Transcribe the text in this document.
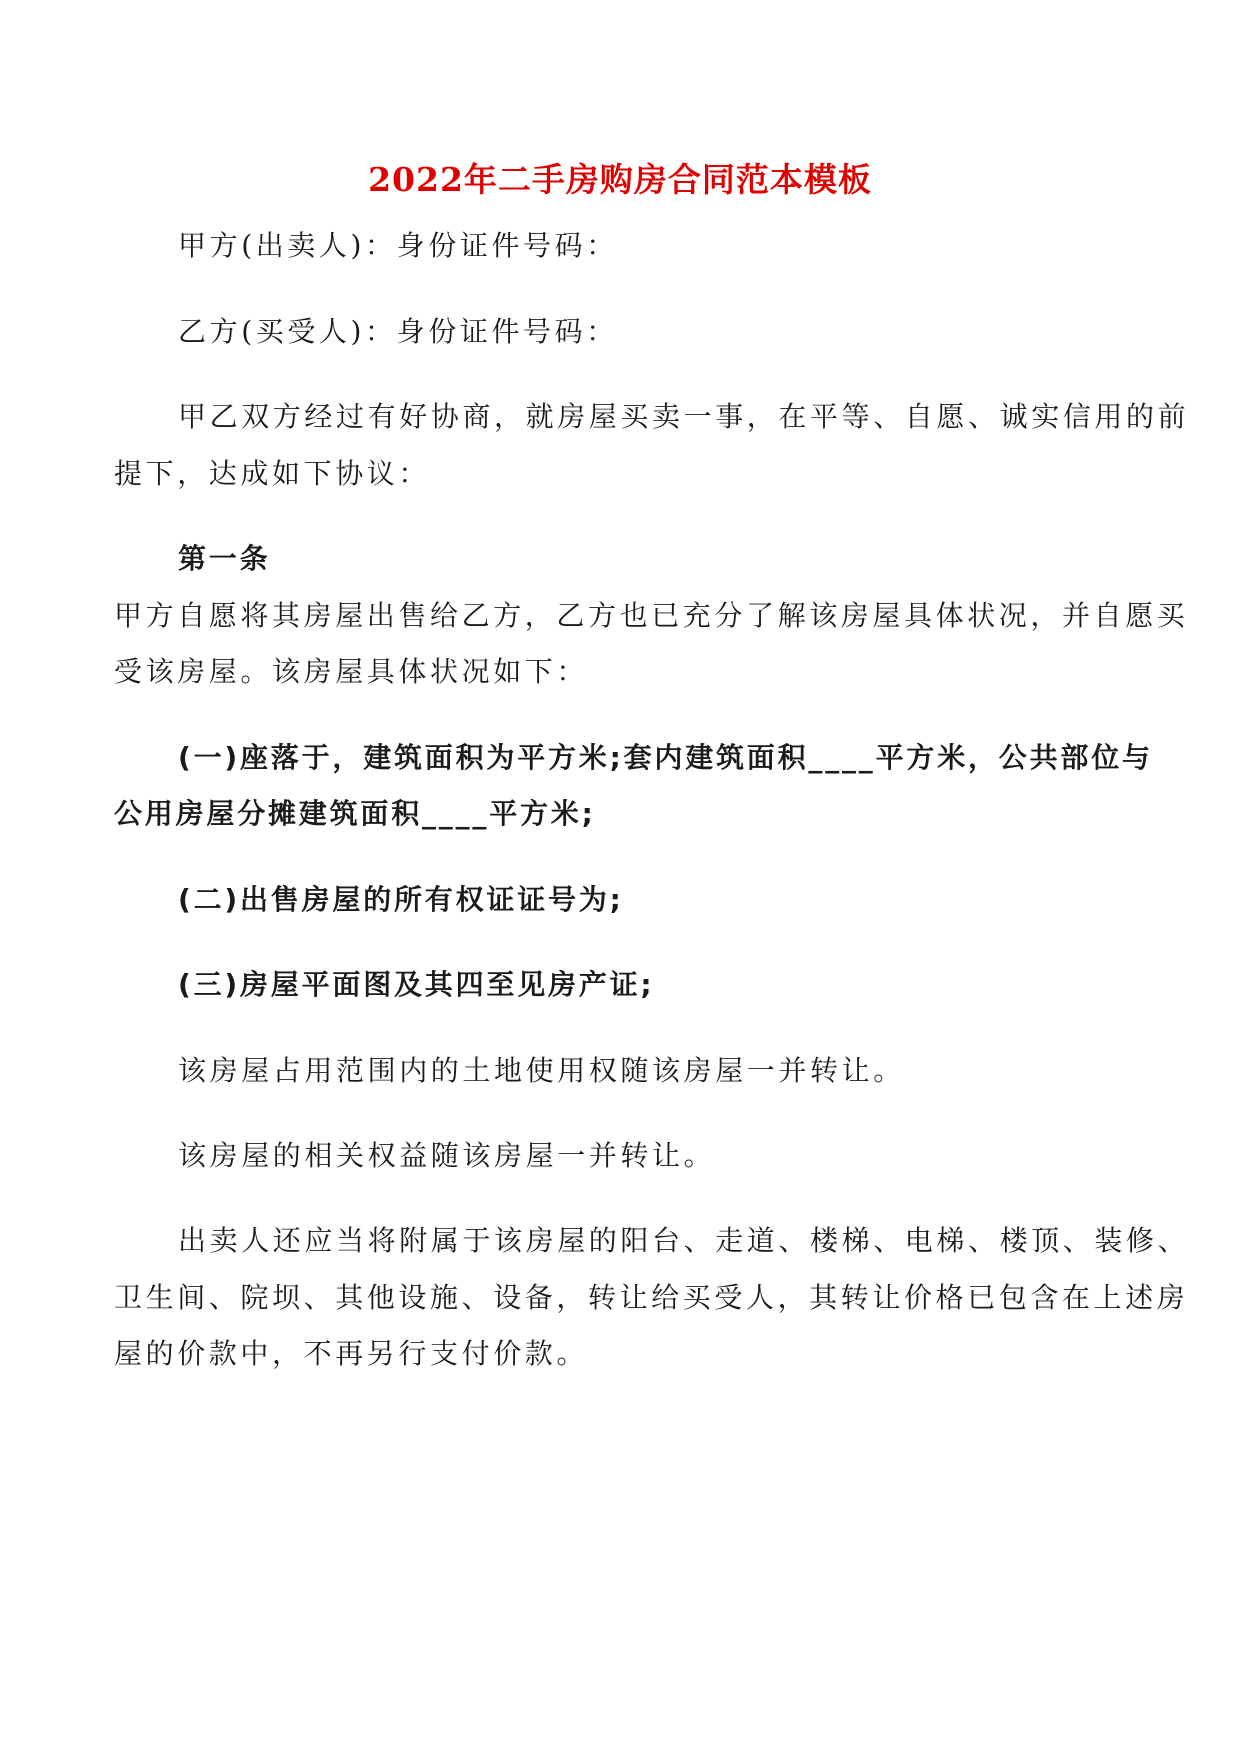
2022年二手房购房合同范本模板

甲方(出卖人)：身份证件号码：

乙方(买受人)：身份证件号码：

甲乙双方经过有好协商，就房屋买卖一事，在平等、自愿、诚实信用的前

提下，达成如下协议：

第一条

甲方自愿将其房屋出售给乙方，乙方也已充分了解该房屋具体状况，并自愿买

受该房屋。该房屋具体状况如下：

(一)座落于，建筑面积为平方米;套内建筑面积____平方米，公共部位与

公用房屋分摊建筑面积____平方米;

(二)出售房屋的所有权证证号为;

(三)房屋平面图及其四至见房产证;

该房屋占用范围内的土地使用权随该房屋一并转让。

该房屋的相关权益随该房屋一并转让。

出卖人还应当将附属于该房屋的阳台、走道、楼梯、电梯、楼顶、装修、

卫生间、院坝、其他设施、设备，转让给买受人，其转让价格已包含在上述房

屋的价款中，不再另行支付价款。
